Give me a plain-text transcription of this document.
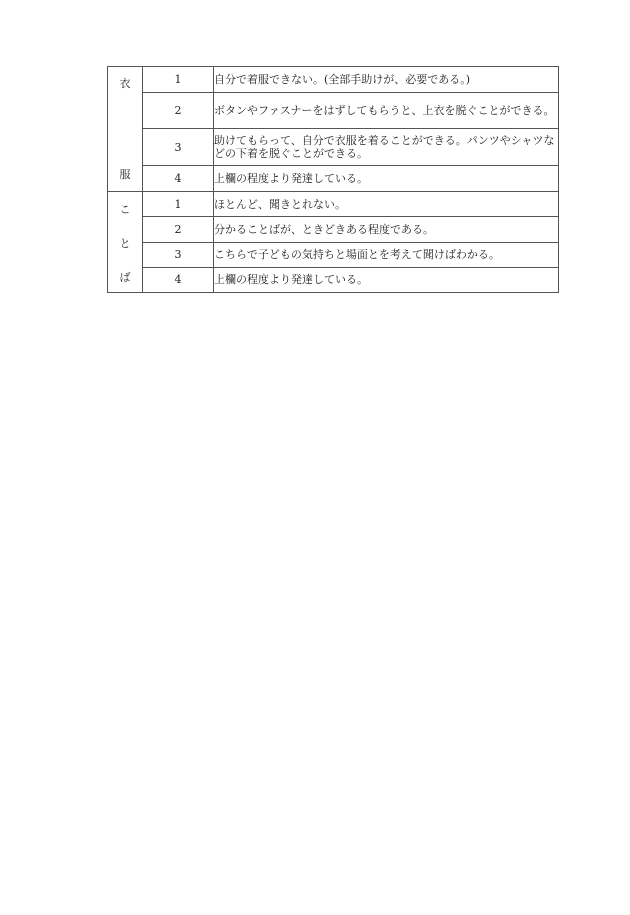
衣
服	1	自分で着服できない。(全部手助けが、必要である。)
	2	ボタンやファスナーをはずしてもらうと、上衣を脱ぐことができる。
	3	助けてもらって、自分で衣服を着ることができる。パンツやシャツなどの下着を脱ぐことができる。
	4	上欄の程度より発達している。

こ
と
ば	1	ほとんど、聞きとれない。
	2	分かることばが、ときどきある程度である。
	3	こちらで子どもの気持ちと場面とを考えて聞けばわかる。
	4	上欄の程度より発達している。
